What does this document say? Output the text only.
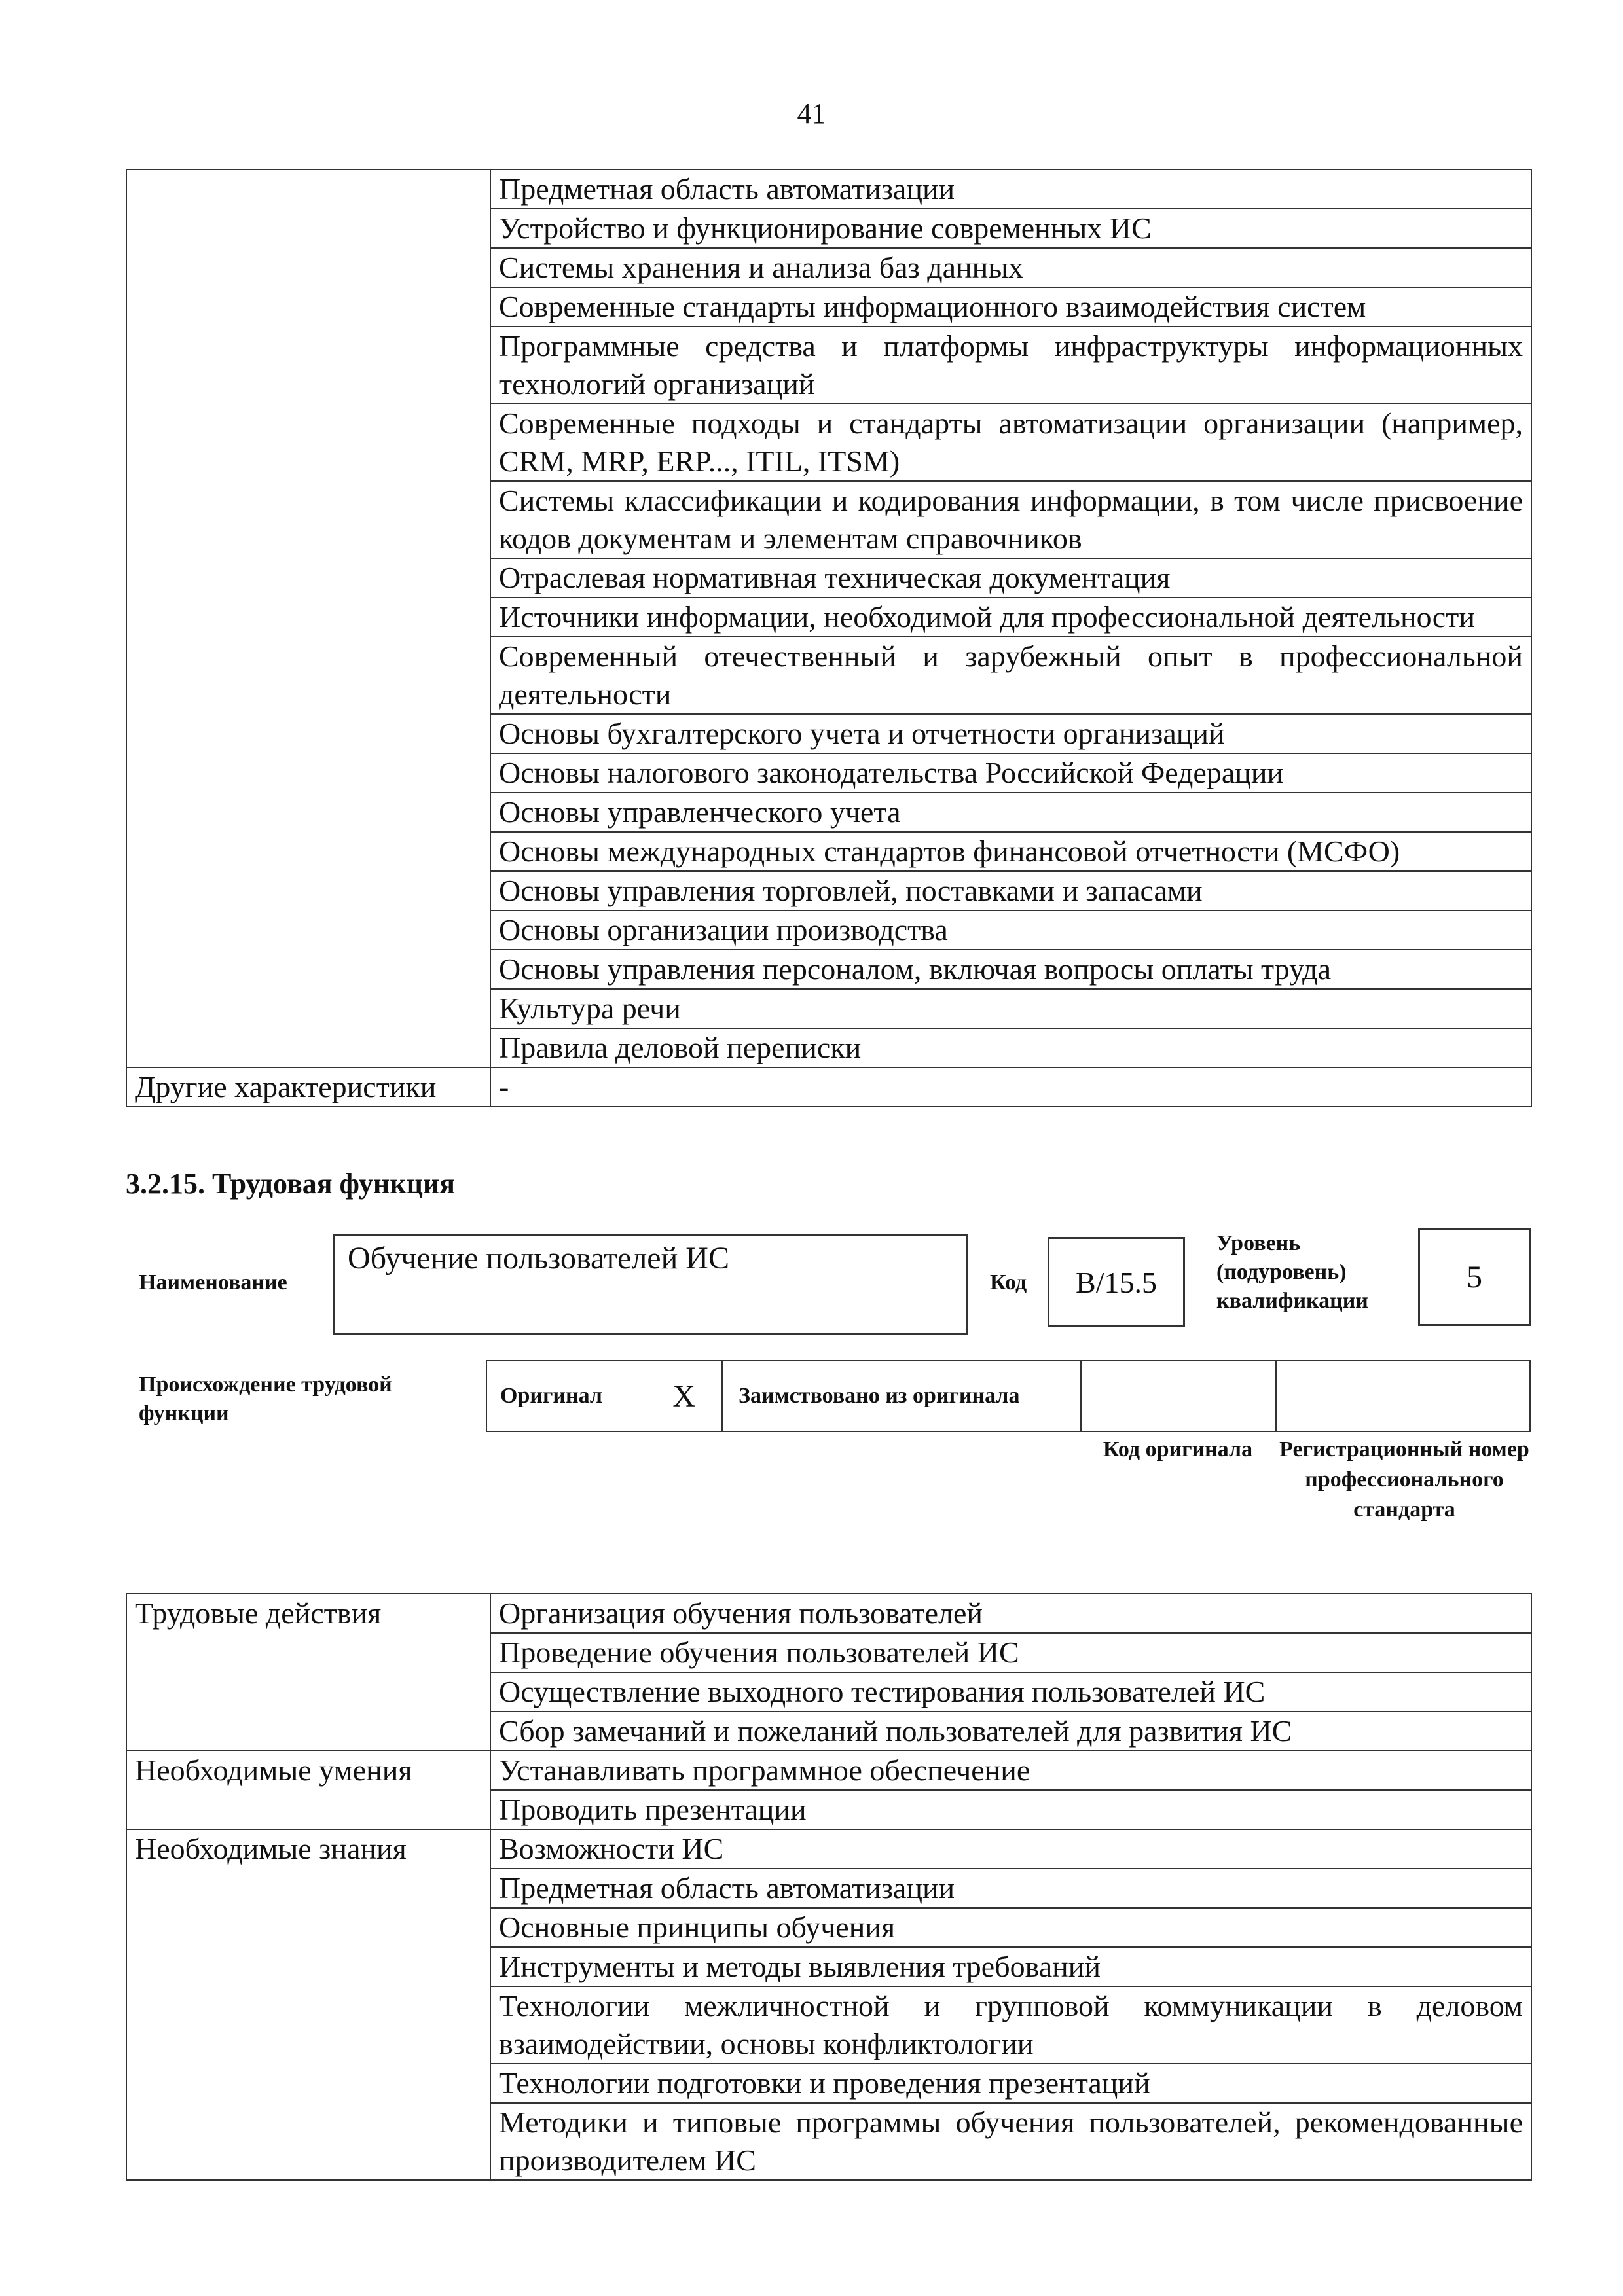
41
	Предметная область автоматизации
	Устройство и функционирование современных ИС
	Системы хранения и анализа баз данных
	Современные стандарты информационного взаимодействия систем
	Программные средства и платформы инфраструктуры информационных технологий организаций
	Современные подходы и стандарты автоматизации организации (например, CRM, MRP, ERP..., ITIL, ITSM)
	Системы классификации и кодирования информации, в том числе присвоение кодов документам и элементам справочников
	Отраслевая нормативная техническая документация
	Источники информации, необходимой для профессиональной деятельности
	Современный отечественный и зарубежный опыт в профессиональной деятельности
	Основы бухгалтерского учета и отчетности организаций
	Основы налогового законодательства Российской Федерации
	Основы управленческого учета
	Основы международных стандартов финансовой отчетности (МСФО)
	Основы управления торговлей, поставками и запасами
	Основы организации производства
	Основы управления персоналом, включая вопросы оплаты труда
	Культура речи
	Правила деловой переписки
Другие характеристики	-
3.2.15. Трудовая функция
Наименование
Обучение пользователей ИС
Код	B/15.5
Уровень (подуровень) квалификации
5
Происхождение трудовой функции
Оригинал X Заимствовано из оригинала
Код оригинала	Регистрационный номер профессионального стандарта
Трудовые действия	Организация обучения пользователей
	Проведение обучения пользователей ИС
	Осуществление выходного тестирования пользователей ИС
	Сбор замечаний и пожеланий пользователей для развития ИС
Необходимые умения	Устанавливать программное обеспечение
	Проводить презентации
Необходимые знания	Возможности ИС
	Предметная область автоматизации
	Основные принципы обучения
	Инструменты и методы выявления требований
	Технологии межличностной и групповой коммуникации в деловом взаимодействии, основы конфликтологии
	Технологии подготовки и проведения презентаций
	Методики и типовые программы обучения пользователей, рекомендованные производителем ИС
